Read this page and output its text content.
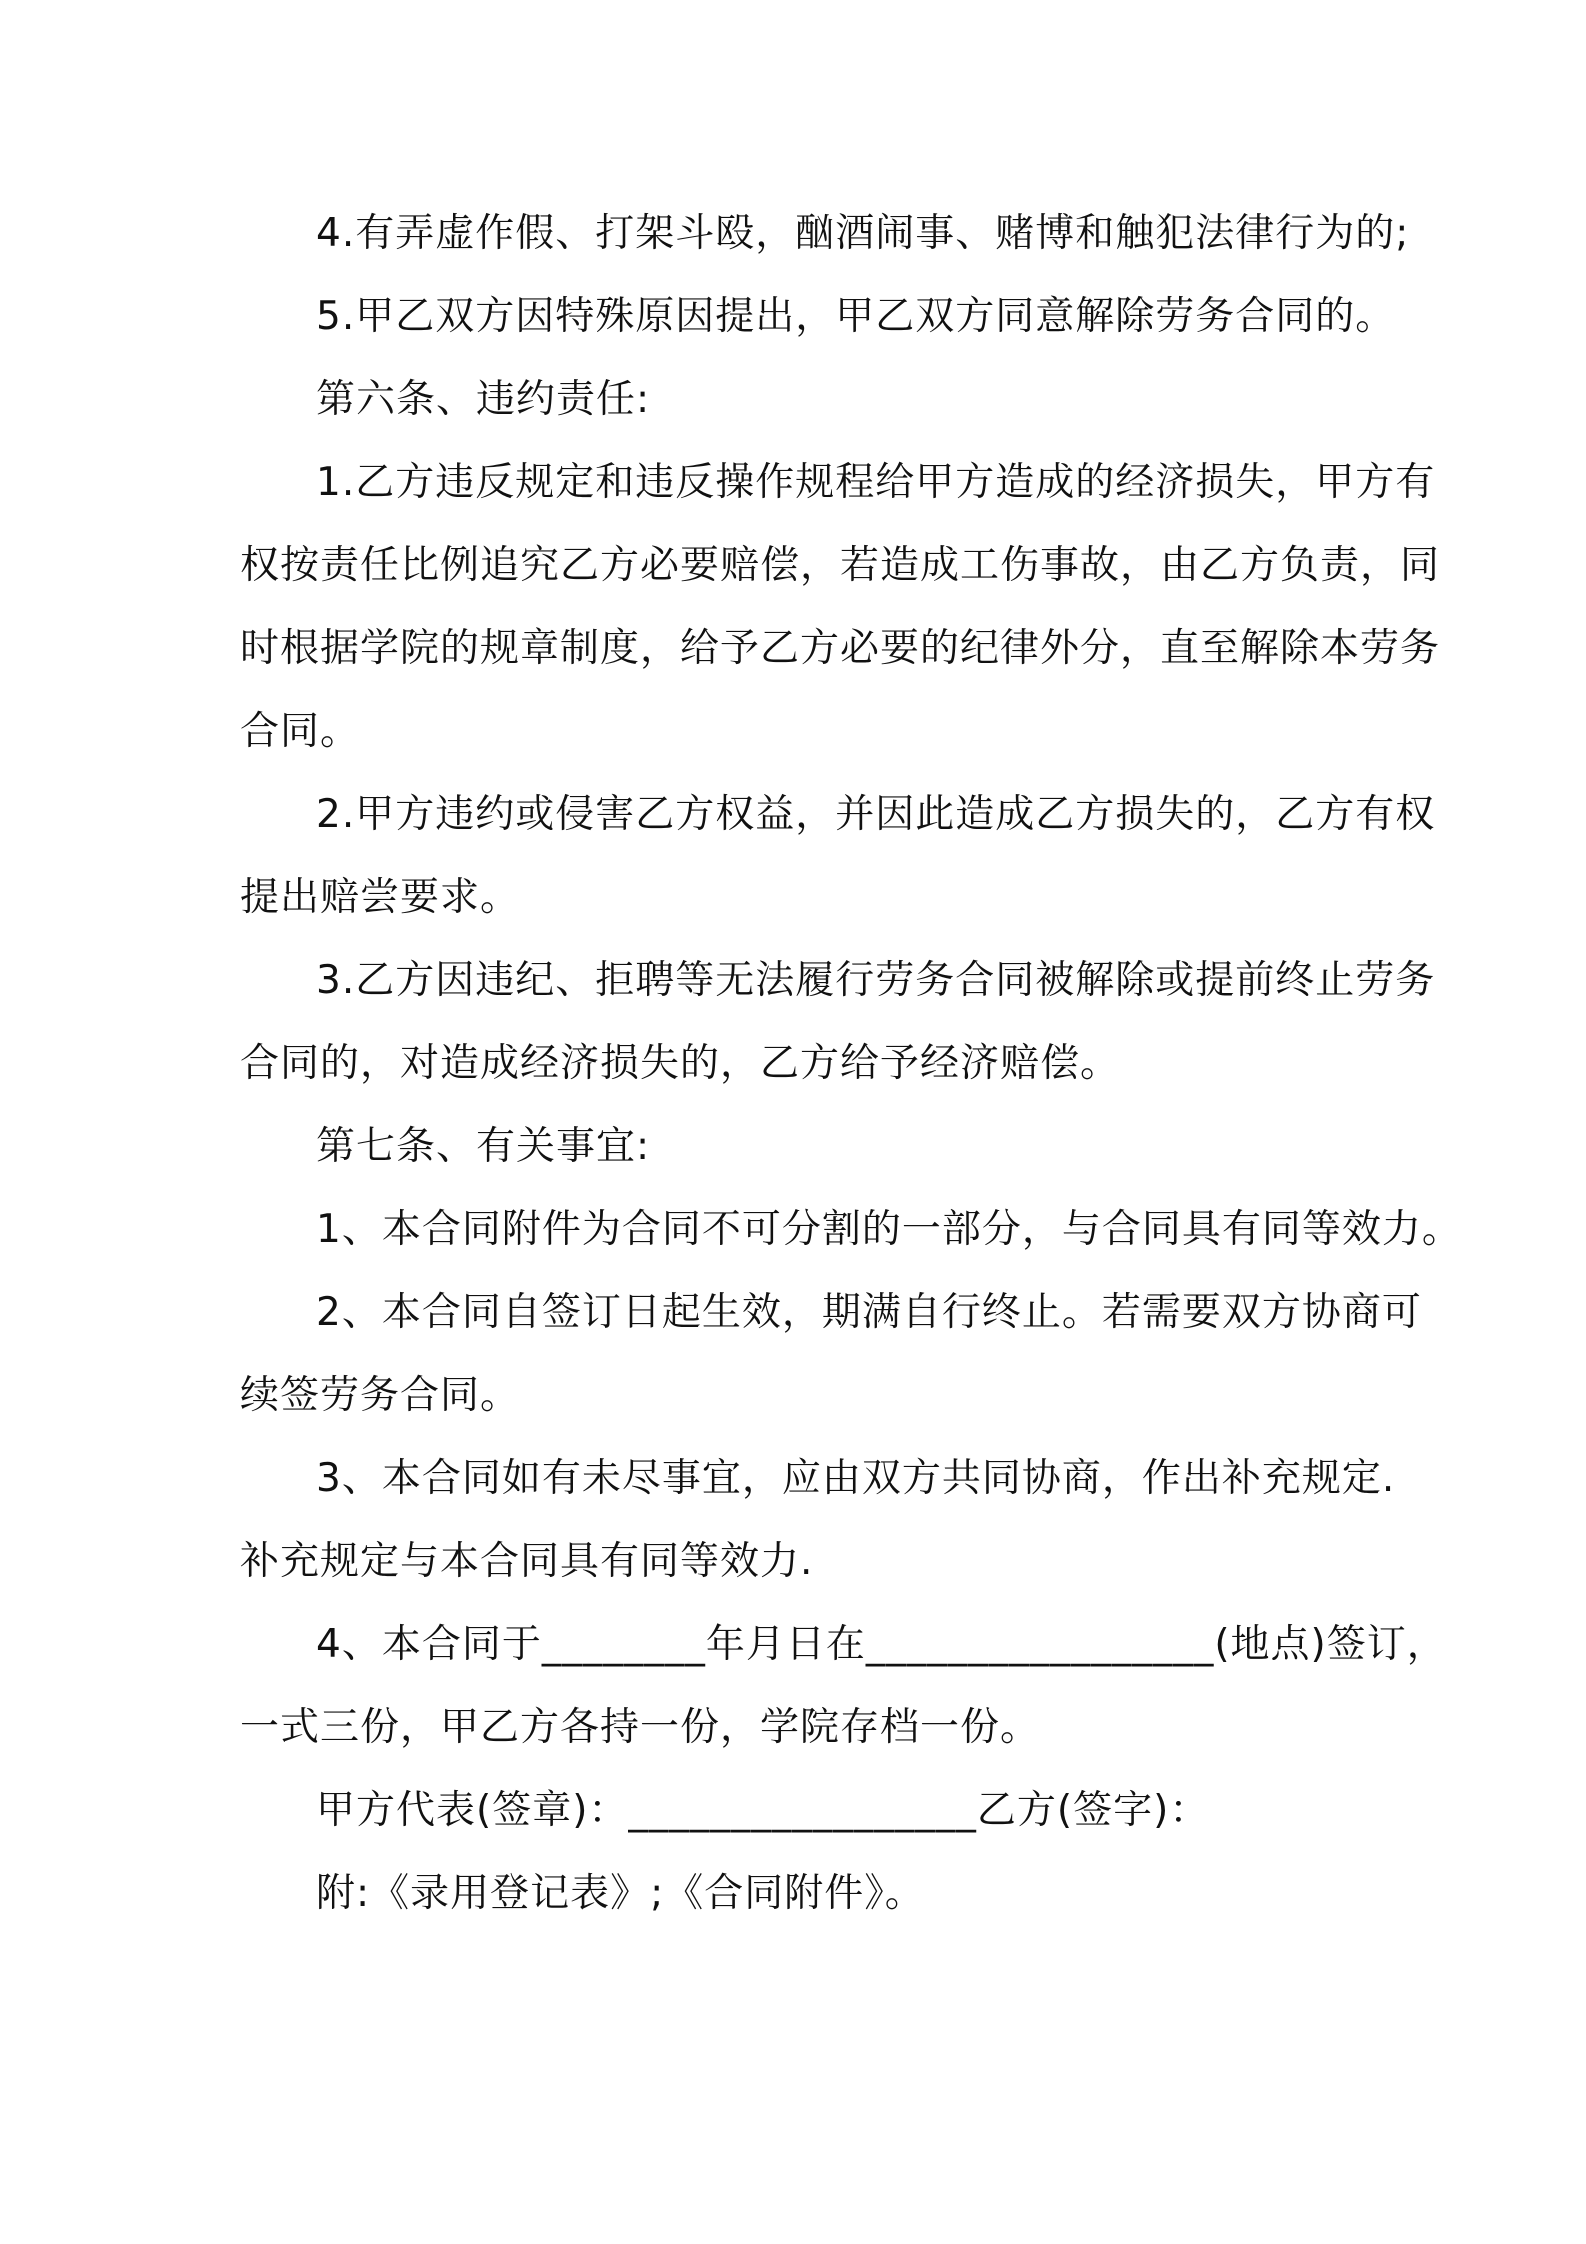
4.有弄虚作假、打架斗殴，酗酒闹事、赌博和触犯法律行为的;
5.甲乙双方因特殊原因提出，甲乙双方同意解除劳务合同的。
第六条、违约责任:
1.乙方违反规定和违反操作规程给甲方造成的经济损失，甲方有
权按责任比例追究乙方必要赔偿，若造成工伤事故，由乙方负责，同
时根据学院的规章制度，给予乙方必要的纪律外分，直至解除本劳务
合同。
2.甲方违约或侵害乙方权益，并因此造成乙方损失的，乙方有权
提出赔尝要求。
3.乙方因违纪、拒聘等无法履行劳务合同被解除或提前终止劳务
合同的，对造成经济损失的，乙方给予经济赔偿。
第七条、有关事宜:
1、本合同附件为合同不可分割的一部分，与合同具有同等效力。
2、本合同自签订日起生效，期满自行终止。若需要双方协商可
续签劳务合同。
3、本合同如有未尽事宜，应由双方共同协商，作出补充规定.
补充规定与本合同具有同等效力.
4、本合同于________年月日在_________________(地点)签订，
一式三份，甲乙方各持一份，学院存档一份。
甲方代表(签章)：_________________乙方(签字)：
附:《录用登记表》;《合同附件》。
